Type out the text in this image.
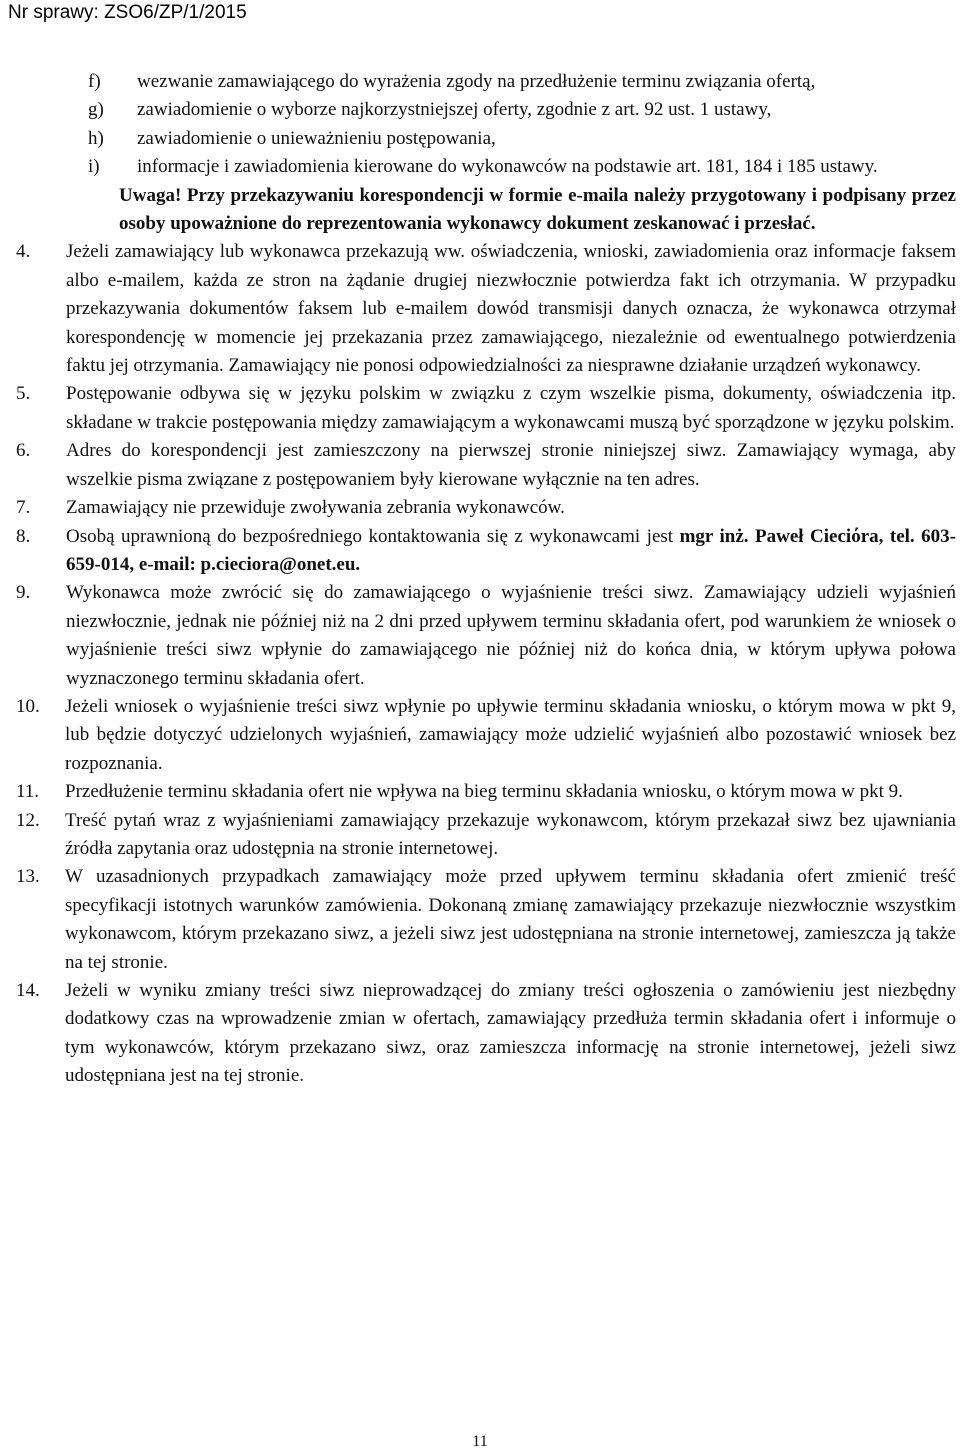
Nr sprawy: ZSO6/ZP/1/2015
f) wezwanie zamawiającego do wyrażenia zgody na przedłużenie terminu związania ofertą,
g) zawiadomienie o wyborze najkorzystniejszej oferty, zgodnie z art. 92 ust. 1 ustawy,
h) zawiadomienie o unieważnieniu postępowania,
i) informacje i zawiadomienia kierowane do wykonawców na podstawie art. 181, 184 i 185 ustawy.
Uwaga! Przy przekazywaniu korespondencji w formie e-maila należy przygotowany i podpisany przez osoby upoważnione do reprezentowania wykonawcy dokument zeskanować i przesłać.
4. Jeżeli zamawiający lub wykonawca przekazują ww. oświadczenia, wnioski, zawiadomienia oraz informacje faksem albo e-mailem, każda ze stron na żądanie drugiej niezwłocznie potwierdza fakt ich otrzymania. W przypadku przekazywania dokumentów faksem lub e-mailem dowód transmisji danych oznacza, że wykonawca otrzymał korespondencję w momencie jej przekazania przez zamawiającego, niezależnie od ewentualnego potwierdzenia faktu jej otrzymania. Zamawiający nie ponosi odpowiedzialności za niesprawne działanie urządzeń wykonawcy.
5. Postępowanie odbywa się w języku polskim w związku z czym wszelkie pisma, dokumenty, oświadczenia itp. składane w trakcie postępowania między zamawiającym a wykonawcami muszą być sporządzone w języku polskim.
6. Adres do korespondencji jest zamieszczony na pierwszej stronie niniejszej siwz. Zamawiający wymaga, aby wszelkie pisma związane z postępowaniem były kierowane wyłącznie na ten adres.
7. Zamawiający nie przewiduje zwoływania zebrania wykonawców.
8. Osobą uprawnioną do bezpośredniego kontaktowania się z wykonawcami jest mgr inż. Paweł Cieciόra, tel. 603-659-014, e-mail: p.cieciora@onet.eu.
9. Wykonawca może zwrócić się do zamawiającego o wyjaśnienie treści siwz. Zamawiający udzieli wyjaśnień niezwłocznie, jednak nie później niż na 2 dni przed upływem terminu składania ofert, pod warunkiem że wniosek o wyjaśnienie treści siwz wpłynie do zamawiającego nie później niż do końca dnia, w którym upływa połowa wyznaczonego terminu składania ofert.
10. Jeżeli wniosek o wyjaśnienie treści siwz wpłynie po upływie terminu składania wniosku, o którym mowa w pkt 9, lub będzie dotyczyć udzielonych wyjaśnień, zamawiający może udzielić wyjaśnień albo pozostawić wniosek bez rozpoznania.
11. Przedłużenie terminu składania ofert nie wpływa na bieg terminu składania wniosku, o którym mowa w pkt 9.
12. Treść pytań wraz z wyjaśnieniami zamawiający przekazuje wykonawcom, którym przekazał siwz bez ujawniania źródła zapytania oraz udostępnia na stronie internetowej.
13. W uzasadnionych przypadkach zamawiający może przed upływem terminu składania ofert zmienić treść specyfikacji istotnych warunków zamówienia. Dokonaną zmianę zamawiający przekazuje niezwłocznie wszystkim wykonawcom, którym przekazano siwz, a jeżeli siwz jest udostępniana na stronie internetowej, zamieszcza ją także na tej stronie.
14. Jeżeli w wyniku zmiany treści siwz nieprowadzącej do zmiany treści ogłoszenia o zamówieniu jest niezbędny dodatkowy czas na wprowadzenie zmian w ofertach, zamawiający przedłuża termin składania ofert i informuje o tym wykonawców, którym przekazano siwz, oraz zamieszcza informację na stronie internetowej, jeżeli siwz udostępniana jest na tej stronie.
11
